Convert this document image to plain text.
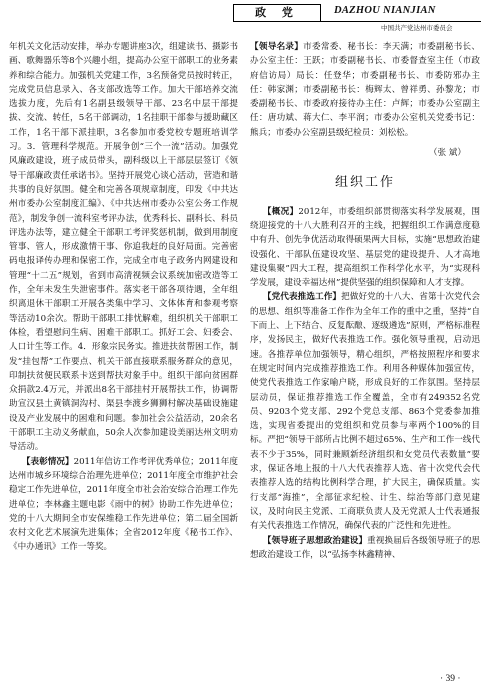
政 党	DAZHOU NIANJIAN
中国共产党达州市委员会

年机关文化活动安排，举办专题讲座3次，组建读书、摄影书画、歌舞器乐等8个兴趣小组，提高办公室干部职工的业务素养和综合能力。加强机关党建工作，3名预备党员按时转正，完成党员信息录入、各支部改选等工作。加大干部培养交流选拔力度，先后有1名副县级领导干部、23名中层干部提拔、交流、转任，5名干部调动，1名挂职干部参与援助藏区工作，1名干部下派挂职，3名参加市委党校专题班培训学习。3．管理科学规范。开展争创“三个一流”活动。加强党风廉政建设，班子成员带头，副科级以上干部层层签订《领导干部廉政责任承诺书》。坚持开展党心谈心活动，营造和谐共事的良好氛围。健全和完善各项规章制度，印发《中共达州市委办公室制度汇编》、《中共达州市委办公室公务工作规范》，制发争创一流科室考评办法，优秀科长、副科长、科员评选办法等，建立健全干部职工考评奖惩机制，做到用制度管事、管人，形成激情干事、你追我赶的良好局面。完善密码电报译传办理和保密工作，完成全市电子政务内网建设和管理“十二五”规划，省到市高清视频会议系统加密改造等工作，全年未发生失泄密事件。落实老干部各项待遇，全年组织离退休干部职工开展各类集中学习、文体体育和参观考察等活动10余次。帮助干部职工排忧解难，组织机关干部职工体检，看望慰问生病、困难干部职工。抓好工会、妇委会、人口计生等工作。4．形象宗民务实。推进扶贫帮困工作，制发“挂包帮”工作要点、机关干部直接联系服务群众的意见，印制扶贫便民联系卡送到帮扶对象手中。组织干部向贫困群众捐款2.4万元，并派出8名干部挂村开展帮扶工作，协调帮助宣汉县土黄镇洞沟村、渠县李渡乡狮狮村解决基础设施建设及产业发展中的困难和问题。参加社会公益活动，20余名干部职工主动义务献血，50余人次参加建设美丽达州文明劝导活动。

【表彰情况】2011年信访工作考评优秀单位；2011年度达州市城乡环境综合治理先进单位；2011年度全市维护社会稳定工作先进单位，2011年度全市社会治安综合治理工作先进单位；李林鑫主题电影《雨中的树》协助工作先进单位；党的十八大期间全市安保维稳工作先进单位；第二届全国新农村文化艺术展演先进集体；全省2012年度《秘书工作》、《中办通讯》工作一等奖。

【领导名录】市委常委、秘书长：李天满；市委副秘书长、办公室主任：王跃；市委副秘书长、市委督查室主任（市政府信访局）局长：任登华；市委副秘书长、市委防邪办主任：韩家渊；市委副秘书长：梅辉太、曾祥勇、孙黎龙；市委副秘书长、市委政府接待办主任：卢辉；市委办公室副主任：唐功斌、蒋大仁、李平润；市委办公室机关党委书记：熊兵；市委办公室副县级纪检员：刘松松。

（张 斌）
组织工作

【概况】2012年，市委组织部贯彻落实科学发展观，围绕迎接党的十八大胜利召开的主线，把握组织工作满意度稳中有升、创先争优活动取得硕果两大目标，实施“思想政治建设强化、干部队伍建设攻坚、基层党的建设提升、人才高地建设集聚”四大工程，提高组织工作科学化水平，为“实现科学发展，建设幸福达州”提供坚强的组织保障和人才支撑。

【党代表推选工作】把做好党的十八大、省第十次党代会的思想、组织等准备工作作为全年工作的重中之重，坚持“自下而上、上下结合、反复酝酿、逐级遴选”原则，严格标准程序，发扬民主，做好代表推选工作。强化领导重视，启动迅速。各推荐单位加强领导，精心组织，严格按照程序和要求在规定时间内完成推荐推选工作。利用各种媒体加强宣传，使党代表推选工作家喻户晓，形成良好的工作氛围。坚持层层动员，保证推荐推选工作全覆盖，全市有249352名党员、9203个党支部、292个党总支部、863个党委参加推选，实现省委提出的党组织和党员参与率两个100%的目标。严把“领导干部所占比例不超过65%、生产和工作一线代表不少于35%，同时兼顾新经济组织和女党员代表数量”要求，保证各地上报的十八大代表推荐人选、省十次党代会代表推荐人选的结构比例科学合理，扩大民主，确保质量。实行支部“海推”，全部征求纪检、计生、综治等部门意见建议，及时向民主党派、工商联负责人及无党派人士代表通报有关代表推选工作情况，确保代表的广泛性和先进性。

【领导班子思想政治建设】重视换届后各级领导班子的思想政治建设工作，以“弘扬李林鑫精神、

· 39 ·
